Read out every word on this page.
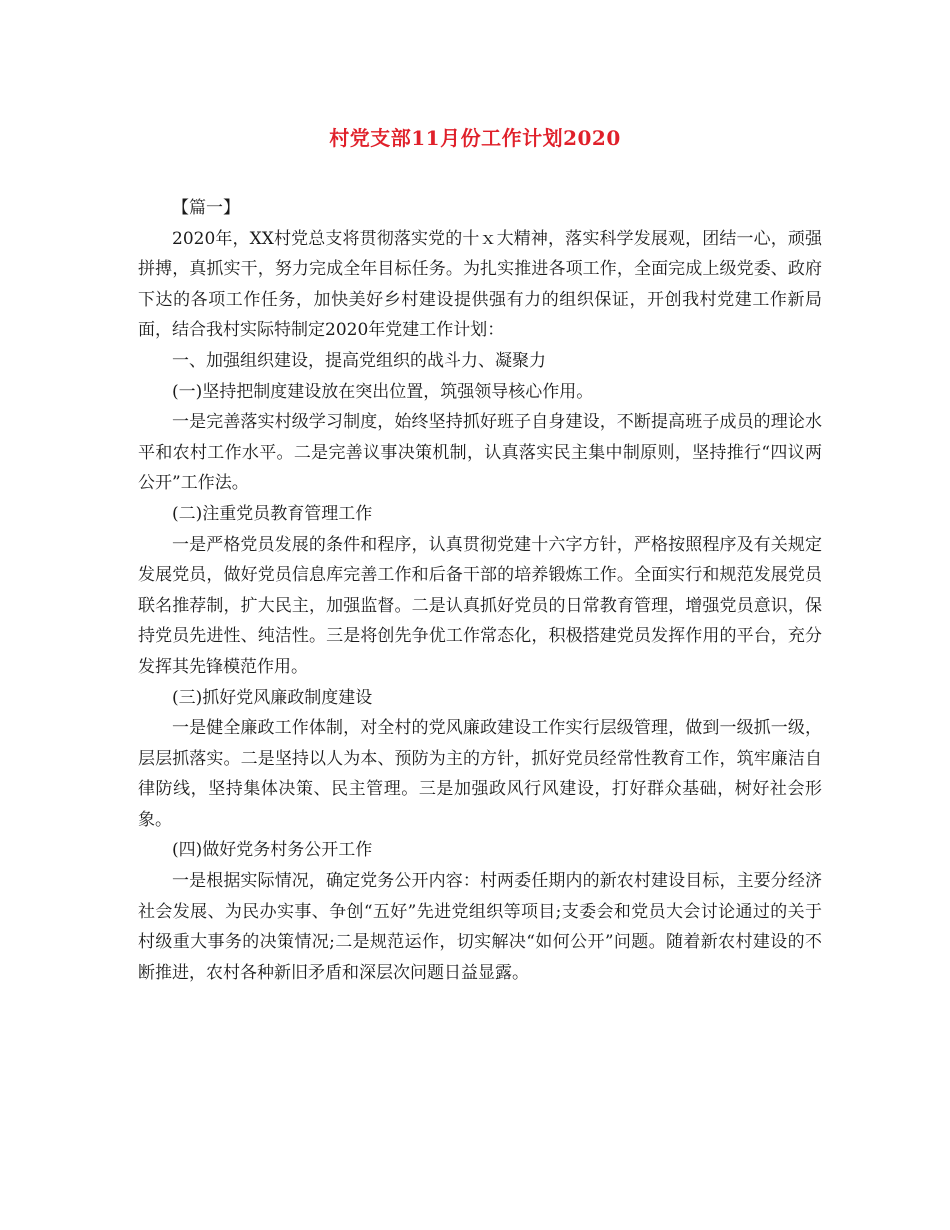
村党支部11月份工作计划2020

【篇一】

2020年，XX村党总支将贯彻落实党的十ｘ大精神，落实科学发展观，团结一心，顽强拼搏，真抓实干，努力完成全年目标任务。为扎实推进各项工作，全面完成上级党委、政府下达的各项工作任务，加快美好乡村建设提供强有力的组织保证，开创我村党建工作新局面，结合我村实际特制定2020年党建工作计划：

一、加强组织建设，提高党组织的战斗力、凝聚力

(一)坚持把制度建设放在突出位置，筑强领导核心作用。

一是完善落实村级学习制度，始终坚持抓好班子自身建设，不断提高班子成员的理论水平和农村工作水平。二是完善议事决策机制，认真落实民主集中制原则，坚持推行“四议两公开”工作法。

(二)注重党员教育管理工作

一是严格党员发展的条件和程序，认真贯彻党建十六字方针，严格按照程序及有关规定发展党员，做好党员信息库完善工作和后备干部的培养锻炼工作。全面实行和规范发展党员联名推荐制，扩大民主，加强监督。二是认真抓好党员的日常教育管理，增强党员意识，保持党员先进性、纯洁性。三是将创先争优工作常态化，积极搭建党员发挥作用的平台，充分发挥其先锋模范作用。

(三)抓好党风廉政制度建设

一是健全廉政工作体制，对全村的党风廉政建设工作实行层级管理，做到一级抓一级，层层抓落实。二是坚持以人为本、预防为主的方针，抓好党员经常性教育工作，筑牢廉洁自律防线，坚持集体决策、民主管理。三是加强政风行风建设，打好群众基础，树好社会形象。

(四)做好党务村务公开工作

一是根据实际情况，确定党务公开内容：村两委任期内的新农村建设目标，主要分经济社会发展、为民办实事、争创“五好”先进党组织等项目;支委会和党员大会讨论通过的关于村级重大事务的决策情况;二是规范运作，切实解决“如何公开”问题。随着新农村建设的不断推进，农村各种新旧矛盾和深层次问题日益显露。
